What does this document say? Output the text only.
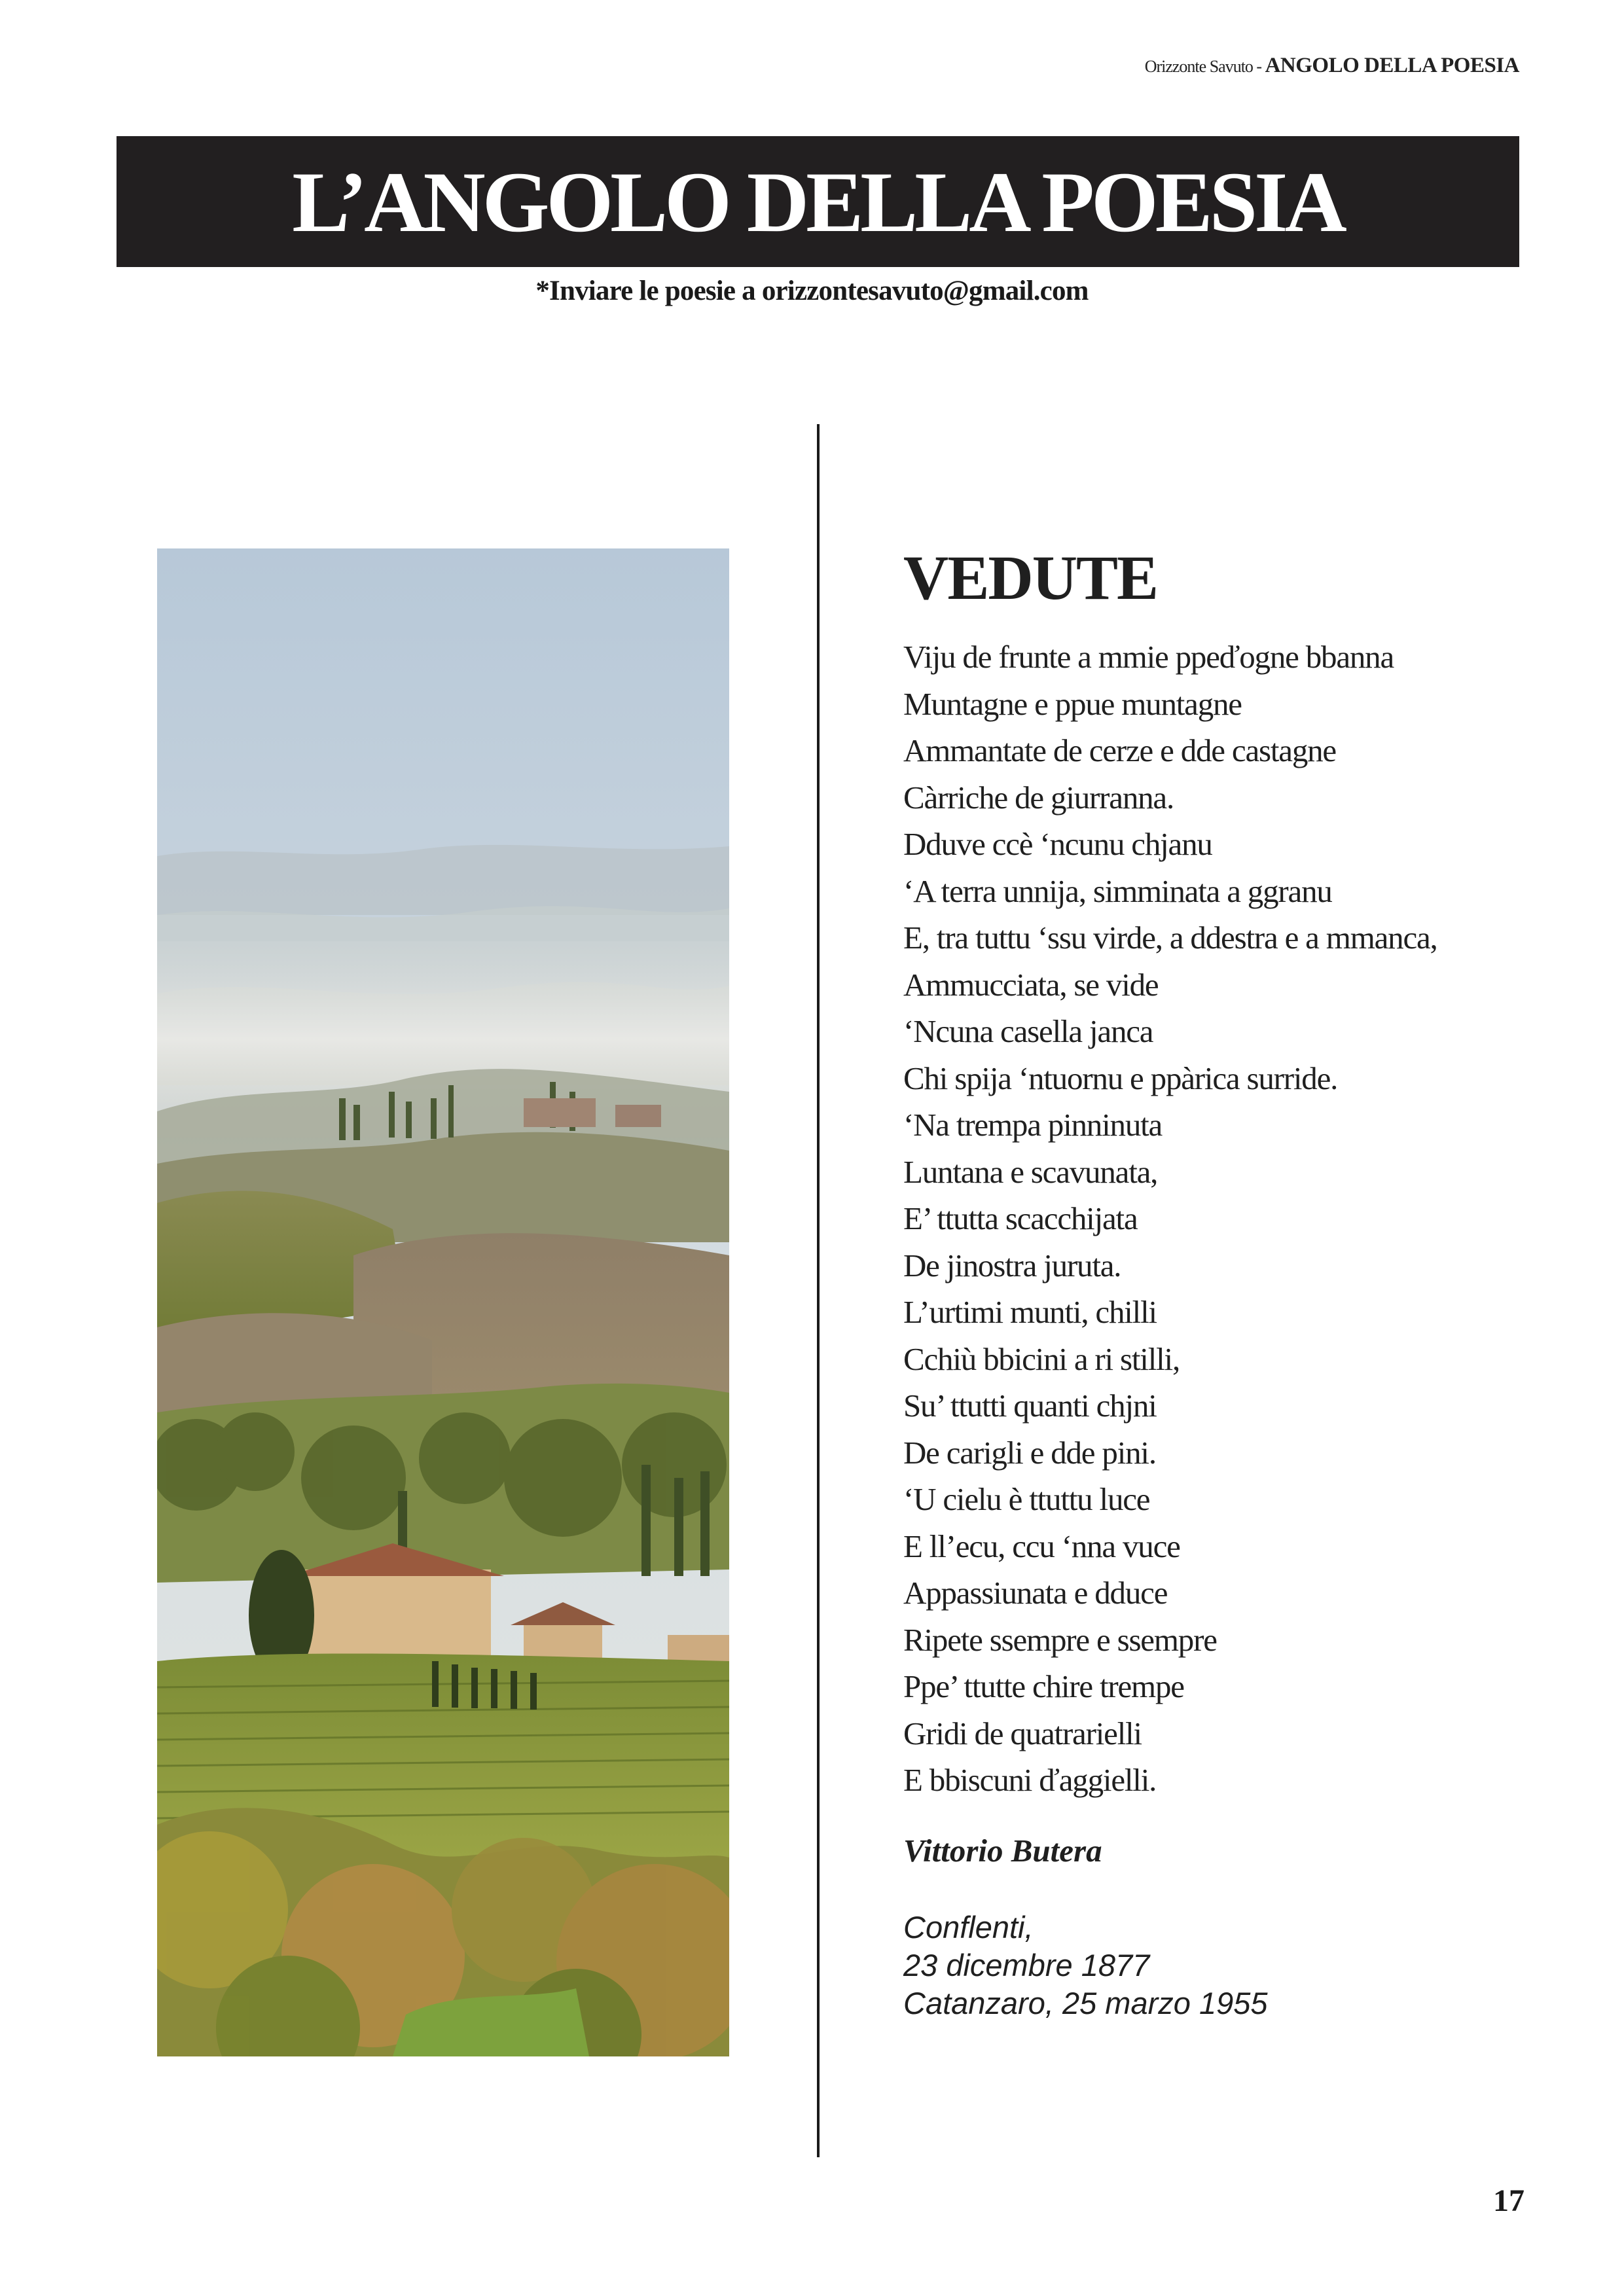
Orizzonte Savuto - ANGOLO DELLA POESIA
L’ANGOLO DELLA POESIA
*Inviare le poesie a orizzontesavuto@gmail.com
VEDUTE
Viju de frunte a mmie ppeďogne bbanna
Muntagne e ppue muntagne
Ammantate de cerze e dde castagne
Càrriche de giurranna.
Dduve ccè ‘ncunu chjanu
‘A terra unnija, simminata a ggranu
E, tra tuttu ‘ssu virde, a ddestra e a mmanca,
Ammucciata, se vide
‘Ncuna casella janca
Chi spija ‘ntuornu e ppàrica surride.
‘Na trempa pinninuta
Luntana e scavunata,
E’ ttutta scacchijata
De jinostra juruta.
L’urtimi munti, chilli
Cchiù bbicini a ri stilli,
Su’ ttutti quanti chjni
De carigli e dde pini.
‘U cielu è ttuttu luce
E ll’ecu, ccu ‘nna vuce
Appassiunata e dduce
Ripete ssempre e ssempre
Ppe’ ttutte chire trempe
Gridi de quatrarielli
E bbiscuni ďaggielli.
Vittorio Butera
Conflenti,
23 dicembre 1877
Catanzaro, 25 marzo 1955
17
